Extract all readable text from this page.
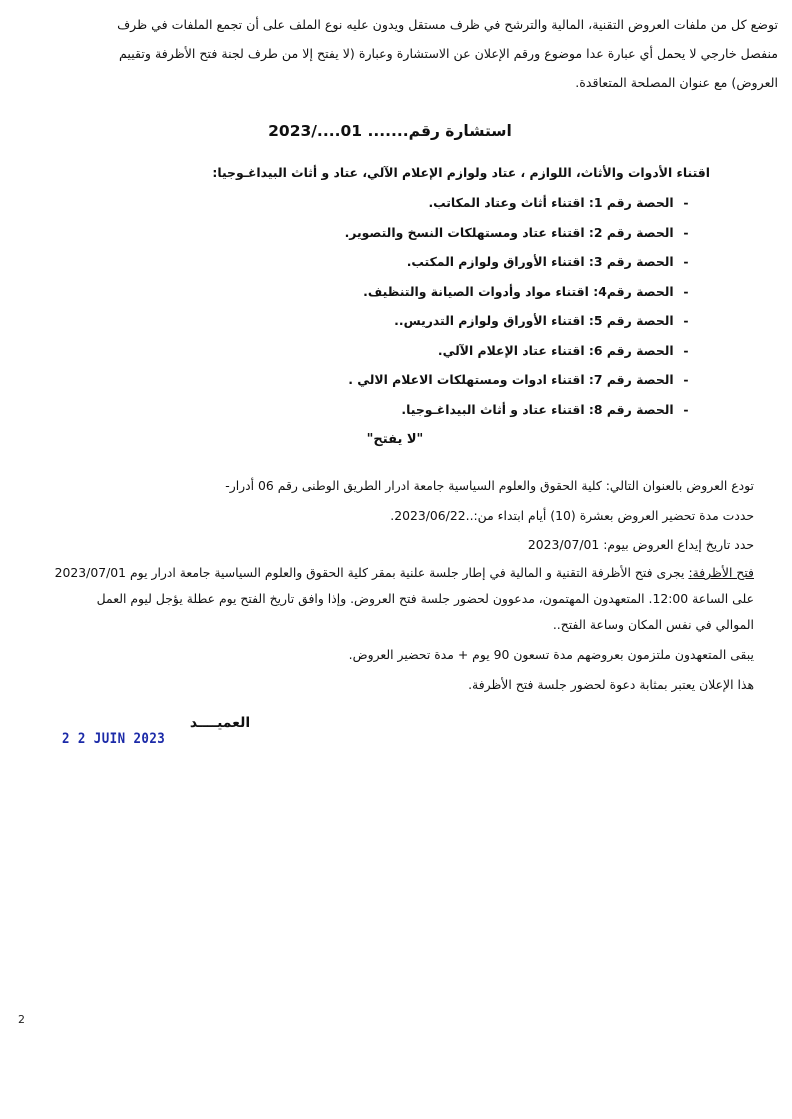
توضع كل من ملفات العروض التقنية، المالية والترشح في ظرف مستقل ويدون عليه نوع الملف على أن تجمع الملفات في ظرف
منفصل خارجي لا يحمل أي عبارة عدا موضوع ورقم الإعلان عن الاستشارة وعبارة (لا يفتح إلا من طرف لجنة فتح الأظرفة وتقييم
العروض) مع عنوان المصلحة المتعاقدة.
استشارة رقم....... 01..../2023
اقتناء الأدوات والأثاث، اللوازم ، عتاد ولوازم الإعلام الآلي، عتاد و أثاث البيداغـوجيا:
- الحصة رقم 1: اقتناء أثاث وعتاد المكاتب.
- الحصة رقم 2: اقتناء عتاد ومستهلكات النسخ والتصوير.
- الحصة رقم 3: اقتناء الأوراق ولوازم المكتب.
- الحصة رقم4: اقتناء مواد وأدوات الصيانة والتنظيف.
- الحصة رقم 5: اقتناء الأوراق ولوازم التدريس..
- الحصة رقم 6: اقتناء عتاد الإعلام الآلي.
- الحصة رقم 7: اقتناء ادوات ومستهلكات الاعلام الالي .
- الحصة رقم 8: اقتناء عتاد و أثاث البيداغـوجيا.
"لا يفتح"
تودع العروض بالعنوان التالي: كلية الحقوق والعلوم السياسية جامعة ادرار الطريق الوطنى رقم 06 أدرار-
حددت مدة تحضير العروض بعشرة (10) أيام ابتداء من:..2023/06/22.
حدد تاريخ إيداع العروض بيوم: 2023/07/01
فتح الأظرفة: يجرى فتح الأظرفة التقنية و المالية في إطار جلسة علنية بمقر كلية الحقوق والعلوم السياسية جامعة ادرار يوم 2023/07/01
على الساعة 12:00. المتعهدون المهتمون، مدعوون لحضور جلسة فتح العروض. وإذا وافق تاريخ الفتح يوم عطلة يؤجل ليوم العمل
الموالي في نفس المكان وساعة الفتح..
يبقى المتعهدون ملتزمون بعروضهم مدة تسعون 90 يوم + مدة تحضير العروض.
هذا الإعلان يعتبر بمثابة دعوة لحضور جلسة فتح الأظرفة.
العميــــد
2 2 JUIN 2023
2
